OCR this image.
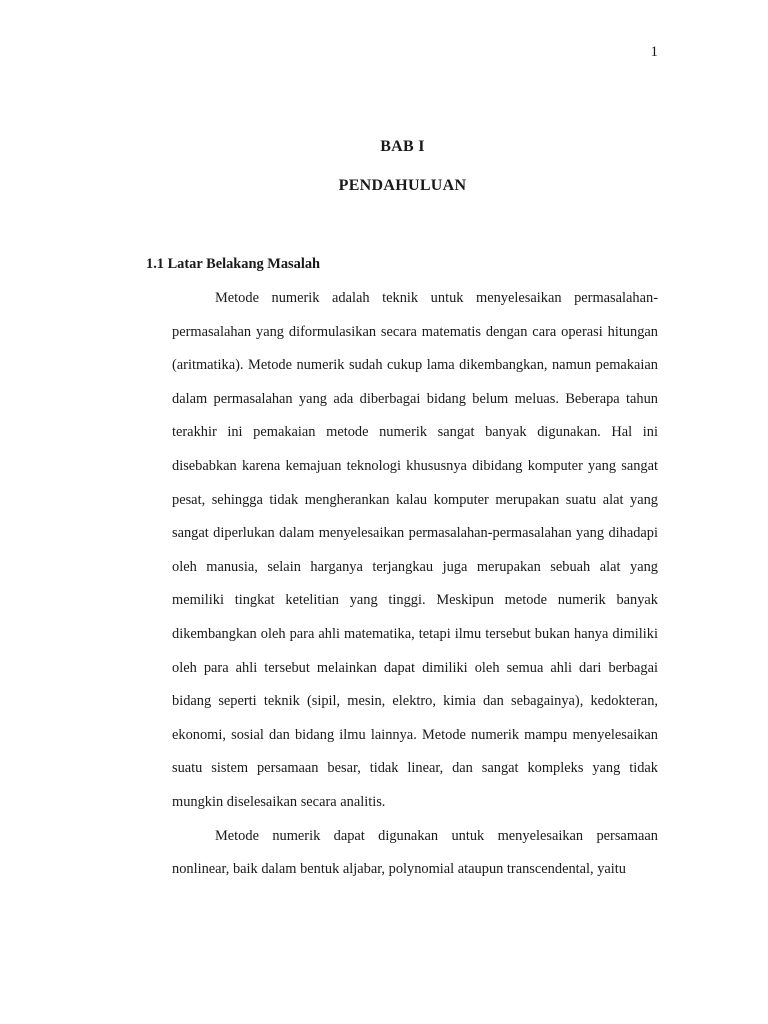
1
BAB I
PENDAHULUAN
1.1 Latar Belakang Masalah

Metode numerik adalah teknik untuk menyelesaikan permasalahan-permasalahan yang diformulasikan secara matematis dengan cara operasi hitungan (aritmatika). Metode numerik sudah cukup lama dikembangkan, namun pemakaian dalam permasalahan yang ada diberbagai bidang belum meluas. Beberapa tahun terakhir ini pemakaian metode numerik sangat banyak digunakan. Hal ini disebabkan karena kemajuan teknologi khususnya dibidang komputer yang sangat pesat, sehingga tidak mengherankan kalau komputer merupakan suatu alat yang sangat diperlukan dalam menyelesaikan permasalahan-permasalahan yang dihadapi oleh manusia, selain harganya terjangkau juga merupakan sebuah alat yang memiliki tingkat ketelitian yang tinggi. Meskipun metode numerik banyak dikembangkan oleh para ahli matematika, tetapi ilmu tersebut bukan hanya dimiliki oleh para ahli tersebut melainkan dapat dimiliki oleh semua ahli dari berbagai bidang seperti teknik (sipil, mesin, elektro, kimia dan sebagainya), kedokteran, ekonomi, sosial dan bidang ilmu lainnya. Metode numerik mampu menyelesaikan suatu sistem persamaan besar, tidak linear, dan sangat kompleks yang tidak mungkin diselesaikan secara analitis.

Metode numerik dapat digunakan untuk menyelesaikan persamaan nonlinear, baik dalam bentuk aljabar, polynomial ataupun transcendental, yaitu
